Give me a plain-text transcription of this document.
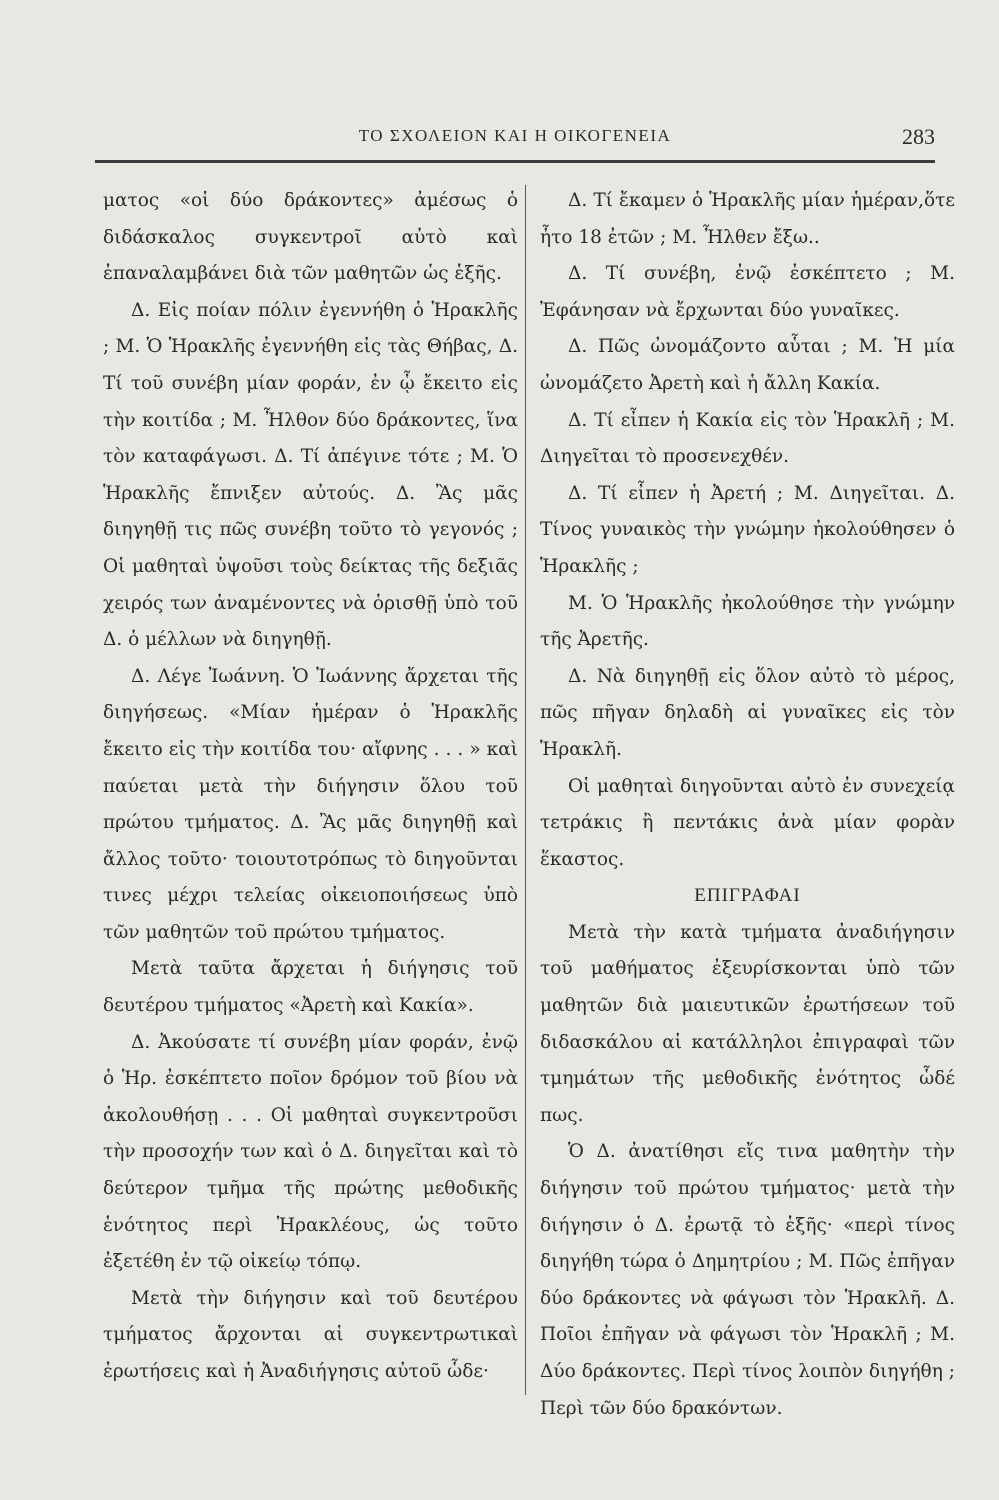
ΤΟ ΣΧΟΛΕΙΟΝ ΚΑΙ Η ΟΙΚΟΓΕΝΕΙΑ	283

ματος «οἱ δύο δράκοντες» ἀμέσως ὁ διδάσκαλος συγκεντροῖ αὐτὸ καὶ ἐπαναλαμβάνει διὰ τῶν μαθητῶν ὡς ἑξῆς.

Δ. Εἰς ποίαν πόλιν ἐγεννήθη ὁ Ἡρακλῆς ; Μ. Ὁ Ἡρακλῆς ἐγεννήθη εἰς τὰς Θήβας, Δ. Τί τοῦ συνέβη μίαν φοράν, ἐν ᾧ ἔκειτο εἰς τὴν κοιτίδα ; Μ. Ἦλθον δύο δράκοντες, ἵνα τὸν καταφάγωσι. Δ. Τί ἀπέγινε τότε ; Μ. Ὁ Ἡρακλῆς ἔπνιξεν αὐτούς. Δ. Ἂς μᾶς διηγηθῇ τις πῶς συνέβη τοῦτο τὸ γεγονός ; Οἱ μαθηταὶ ὑψοῦσι τοὺς δείκτας τῆς δεξιᾶς χειρός των ἀναμένοντες νὰ ὁρισθῇ ὑπὸ τοῦ Δ. ὁ μέλλων νὰ διηγηθῇ.

Δ. Λέγε Ἰωάννη. Ὁ Ἰωάννης ἄρχεται τῆς διηγήσεως. «Μίαν ἡμέραν ὁ Ἡρακλῆς ἔκειτο εἰς τὴν κοιτίδα του· αἴφνης . . . » καὶ παύεται μετὰ τὴν διήγησιν ὅλου τοῦ πρώτου τμήματος. Δ. Ἂς μᾶς διηγηθῇ καὶ ἄλλος τοῦτο· τοιουτοτρόπως τὸ διηγοῦνται τινες μέχρι τελείας οἰκειοποιήσεως ὑπὸ τῶν μαθητῶν τοῦ πρώτου τμήματος.

Μετὰ ταῦτα ἄρχεται ἡ διήγησις τοῦ δευτέρου τμήματος «Ἀρετὴ καὶ Κακία».

Δ. Ἀκούσατε τί συνέβη μίαν φοράν, ἐνῷ ὁ Ἡρ. ἐσκέπτετο ποῖον δρόμον τοῦ βίου νὰ ἀκολουθήσῃ . . . Οἱ μαθηταὶ συγκεντροῦσι τὴν προσοχήν των καὶ ὁ Δ. διηγεῖται καὶ τὸ δεύτερον τμῆμα τῆς πρώτης μεθοδικῆς ἑνότητος περὶ Ἡρακλέους, ὡς τοῦτο ἐξετέθη ἐν τῷ οἰκείῳ τόπῳ.

Μετὰ τὴν διήγησιν καὶ τοῦ δευτέρου τμήματος ἄρχονται αἱ συγκεντρωτικαὶ ἐρωτήσεις καὶ ἡ Ἀναδιήγησις αὐτοῦ ὧδε·

Δ. Τί ἔκαμεν ὁ Ἡρακλῆς μίαν ἡμέραν,ὅτε ἦτο 18 ἐτῶν ; Μ. Ἦλθεν ἔξω..

Δ. Τί συνέβη, ἐνῷ ἐσκέπτετο ; Μ. Ἐφάνησαν νὰ ἔρχωνται δύο γυναῖκες.

Δ. Πῶς ὠνομάζοντο αὗται ; Μ. Ἡ μία ὠνομάζετο Ἀρετὴ καὶ ἡ ἄλλη Κακία.

Δ. Τί εἶπεν ἡ Κακία εἰς τὸν Ἡρακλῆ ; Μ. Διηγεῖται τὸ προσενεχθέν.

Δ. Τί εἶπεν ἡ Ἀρετή ; Μ. Διηγεῖται. Δ. Τίνος γυναικὸς τὴν γνώμην ἠκολούθησεν ὁ Ἡρακλῆς ;

Μ. Ὁ Ἡρακλῆς ἠκολούθησε τὴν γνώμην τῆς Ἀρετῆς.

Δ. Νὰ διηγηθῇ εἰς ὅλον αὐτὸ τὸ μέρος, πῶς πῆγαν δηλαδὴ αἱ γυναῖκες εἰς τὸν Ἡρακλῆ.

Οἱ μαθηταὶ διηγοῦνται αὐτὸ ἐν συνεχείᾳ τετράκις ἢ πεντάκις ἀνὰ μίαν φορὰν ἕκαστος.

ΕΠΙΓΡΑΦΑΙ

Μετὰ τὴν κατὰ τμήματα ἀναδιήγησιν τοῦ μαθήματος ἐξευρίσκονται ὑπὸ τῶν μαθητῶν διὰ μαιευτικῶν ἐρωτήσεων τοῦ διδασκάλου αἱ κατάλληλοι ἐπιγραφαὶ τῶν τμημάτων τῆς μεθοδικῆς ἑνότητος ὧδέ πως.

Ὁ Δ. ἀνατίθησι εἴς τινα μαθητὴν τὴν διήγησιν τοῦ πρώτου τμήματος· μετὰ τὴν διήγησιν ὁ Δ. ἐρωτᾷ τὸ ἑξῆς· «περὶ τίνος διηγήθη τώρα ὁ Δημητρίου ; Μ. Πῶς ἐπῆγαν δύο δράκοντες νὰ φάγωσι τὸν Ἡρακλῆ. Δ. Ποῖοι ἐπῆγαν νὰ φάγωσι τὸν Ἡρακλῆ ; Μ. Δύο δράκοντες. Περὶ τίνος λοιπὸν διηγήθη ; Περὶ τῶν δύο δρακόντων.
